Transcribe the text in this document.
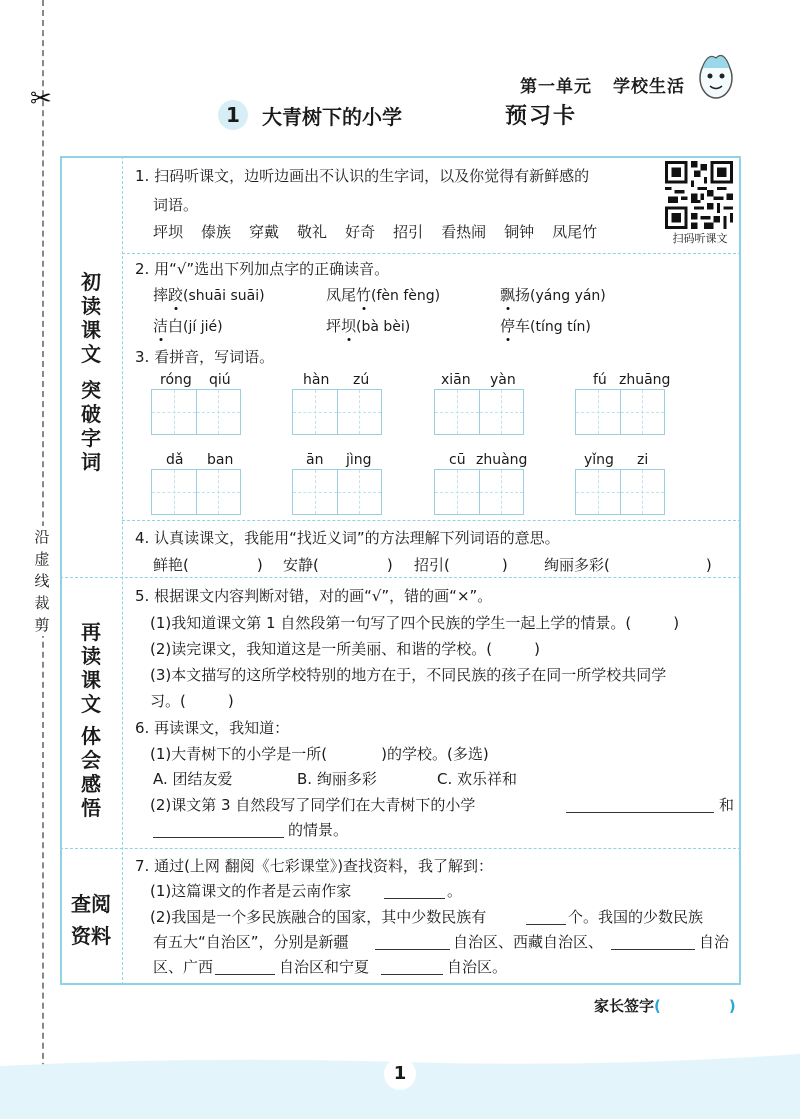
✂
沿
虚
线
裁
剪
第一单元 学校生活
1	大青树下的小学	预习卡
初
读
课
文
突
破
字
词
再
读
课
文
体
会
感
悟
查阅
资料
扫码听课文
1. 扫码听课文，边听边画出不认识的生字词，以及你觉得有新鲜感的
词语。
坪坝 傣族 穿戴 敬礼 好奇 招引 看热闹 铜钟 凤尾竹
2. 用“√”选出下列加点字的正确读音。
摔跤(shuāi suāi)	凤尾竹(fèn fèng)	飘扬(yáng yán)
洁白(jí jié)	坪坝(bà bèi)	停车(tíng tín)
3. 看拼音，写词语。
róng qiú	hàn zú	xiān yàn	fú zhuāng
dǎ ban	ān jìng	cū zhuàng	yǐng zi
4. 认真读课文，我能用“找近义词”的方法理解下列词语的意思。
鲜艳(	) 安静(	) 招引(	) 绚丽多彩(	)
5. 根据课文内容判断对错，对的画“√”，错的画“×”。
(1)我知道课文第 1 自然段第一句写了四个民族的学生一起上学的情景。(	)
(2)读完课文，我知道这是一所美丽、和谐的学校。(	)
(3)本文描写的这所学校特别的地方在于，不同民族的孩子在同一所学校共同学
习。(	)
6. 再读课文，我知道：
(1)大青树下的小学是一所(	)的学校。(多选)
A. 团结友爱	B. 绚丽多彩	C. 欢乐祥和
(2)课文第 3 自然段写了同学们在大青树下的小学	和
的情景。
7. 通过(上网 翻阅《七彩课堂》)查找资料，我了解到：
(1)这篇课文的作者是云南作家	。
(2)我国是一个多民族融合的国家，其中少数民族有	个。我国的少数民族
有五大“自治区”，分别是新疆	自治区、西藏自治区、	自治
区、广西	自治区和宁夏	自治区。
家长签字(	)
1
